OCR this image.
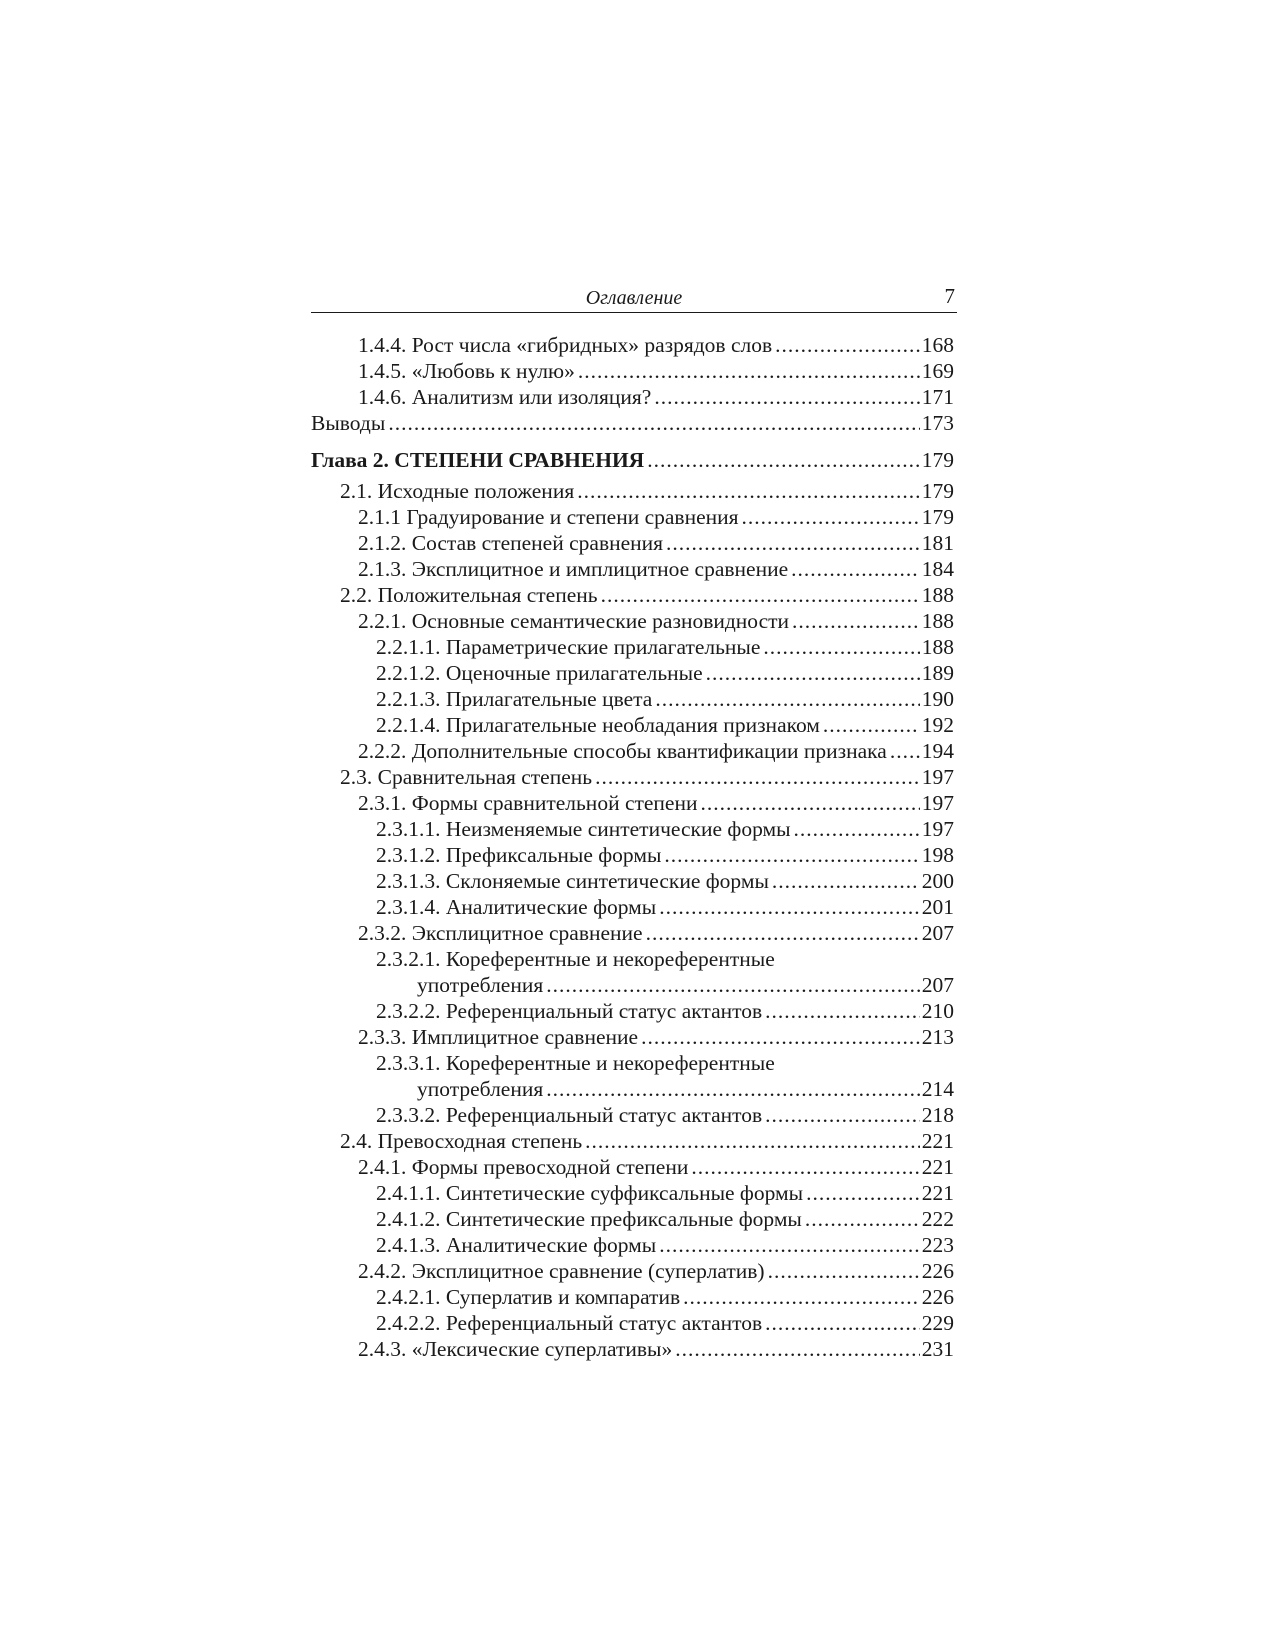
Оглавление	7
1.4.4. Рост числа «гибридных» разрядов слов .....	168
1.4.5. «Любовь к нулю» .....	169
1.4.6. Аналитизм или изоляция? .....	171
Выводы .....	173
Глава 2. СТЕПЕНИ СРАВНЕНИЯ .....	179
2.1. Исходные положения .....	179
2.1.1 Градуирование и степени сравнения .....	179
2.1.2. Состав степеней сравнения .....	181
2.1.3. Эксплицитное и имплицитное сравнение .....	184
2.2. Положительная степень .....	188
2.2.1. Основные семантические разновидности .....	188
2.2.1.1. Параметрические прилагательные .....	188
2.2.1.2. Оценочные прилагательные .....	189
2.2.1.3. Прилагательные цвета .....	190
2.2.1.4. Прилагательные необладания признаком .....	192
2.2.2. Дополнительные способы квантификации признака ..... 194
2.3. Сравнительная степень .....	197
2.3.1. Формы сравнительной степени .....	197
2.3.1.1. Неизменяемые синтетические формы .....	197
2.3.1.2. Префиксальные формы .....	198
2.3.1.3. Склоняемые синтетические формы .....	200
2.3.1.4. Аналитические формы .....	201
2.3.2. Эксплицитное сравнение .....	207
2.3.2.1. Кореферентные и некореферентные
употребления .....	207
2.3.2.2. Референциальный статус актантов .....	210
2.3.3. Имплицитное сравнение .....	213
2.3.3.1. Кореферентные и некореферентные
употребления .....	214
2.3.3.2. Референциальный статус актантов .....	218
2.4. Превосходная степень .....	221
2.4.1. Формы превосходной степени .....	221
2.4.1.1. Синтетические суффиксальные формы .....	221
2.4.1.2. Синтетические префиксальные формы .....	222
2.4.1.3. Аналитические формы .....	223
2.4.2. Эксплицитное сравнение (суперлатив) .....	226
2.4.2.1. Суперлатив и компаратив .....	226
2.4.2.2. Референциальный статус актантов .....	229
2.4.3. «Лексические суперлативы» .....	231
